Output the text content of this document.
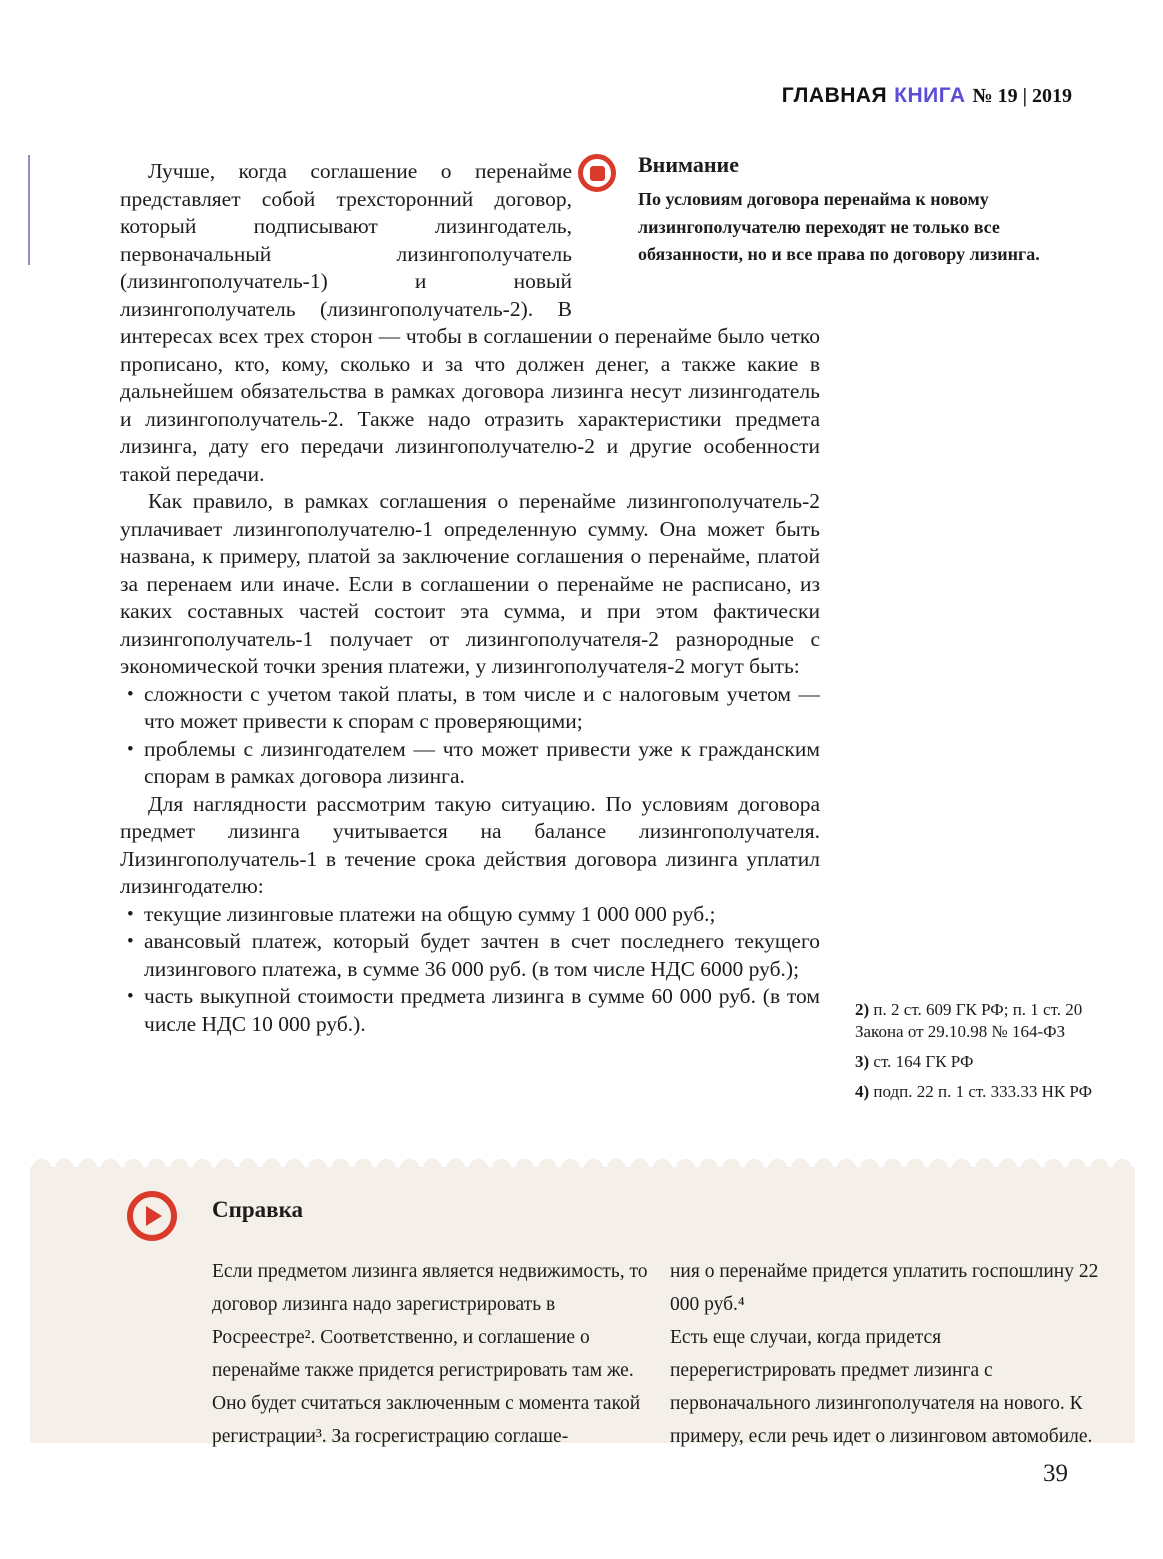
ГЛАВНАЯ КНИГА № 19 | 2019

Внимание

По условиям договора перенайма к новому лизингополучателю переходят не только все обязанности, но и все права по договору лизинга.

Лучше, когда соглашение о перенайме представляет собой трехсторонний договор, который подписывают лизингодатель, первоначальный лизингополучатель (лизингополучатель-1) и новый лизингополучатель (лизингополучатель-2). В интересах всех трех сторон — чтобы в соглашении о перенайме было четко прописано, кто, кому, сколько и за что должен денег, а также какие в дальнейшем обязательства в рамках договора лизинга несут лизингодатель и лизингополучатель-2. Также надо отразить характеристики предмета лизинга, дату его передачи лизингополучателю-2 и другие особенности такой передачи.

Как правило, в рамках соглашения о перенайме лизингополучатель-2 уплачивает лизингополучателю-1 определенную сумму. Она может быть названа, к примеру, платой за заключение соглашения о перенайме, платой за перенаем или иначе. Если в соглашении о перенайме не расписано, из каких составных частей состоит эта сумма, и при этом фактически лизингополучатель-1 получает от лизингополучателя-2 разнородные с экономической точки зрения платежи, у лизингополучателя-2 могут быть:

• сложности с учетом такой платы, в том числе и с налоговым учетом — что может привести к спорам с проверяющими;
• проблемы с лизингодателем — что может привести уже к гражданским спорам в рамках договора лизинга.

Для наглядности рассмотрим такую ситуацию. По условиям договора предмет лизинга учитывается на балансе лизингополучателя. Лизингополучатель-1 в течение срока действия договора лизинга уплатил лизингодателю:

• текущие лизинговые платежи на общую сумму 1 000 000 руб.;
• авансовый платеж, который будет зачтен в счет последнего текущего лизингового платежа, в сумме 36 000 руб. (в том числе НДС 6000 руб.);
• часть выкупной стоимости предмета лизинга в сумме 60 000 руб. (в том числе НДС 10 000 руб.).
2) п. 2 ст. 609 ГК РФ; п. 1 ст. 20 Закона от 29.10.98 № 164-ФЗ
3) ст. 164 ГК РФ
4) подп. 22 п. 1 ст. 333.33 НК РФ

Справка

Если предметом лизинга является недвижимость, то договор лизинга надо зарегистрировать в Росреестре². Соответственно, и соглашение о перенайме также придется регистрировать там же. Оно будет считаться заключенным с момента такой регистрации³. За госрегистрацию соглаше-

ния о перенайме придется уплатить госпошлину 22 000 руб.⁴

Есть еще случаи, когда придется перерегистрировать предмет лизинга с первоначального лизингополучателя на нового. К примеру, если речь идет о лизинговом автомобиле.

39
